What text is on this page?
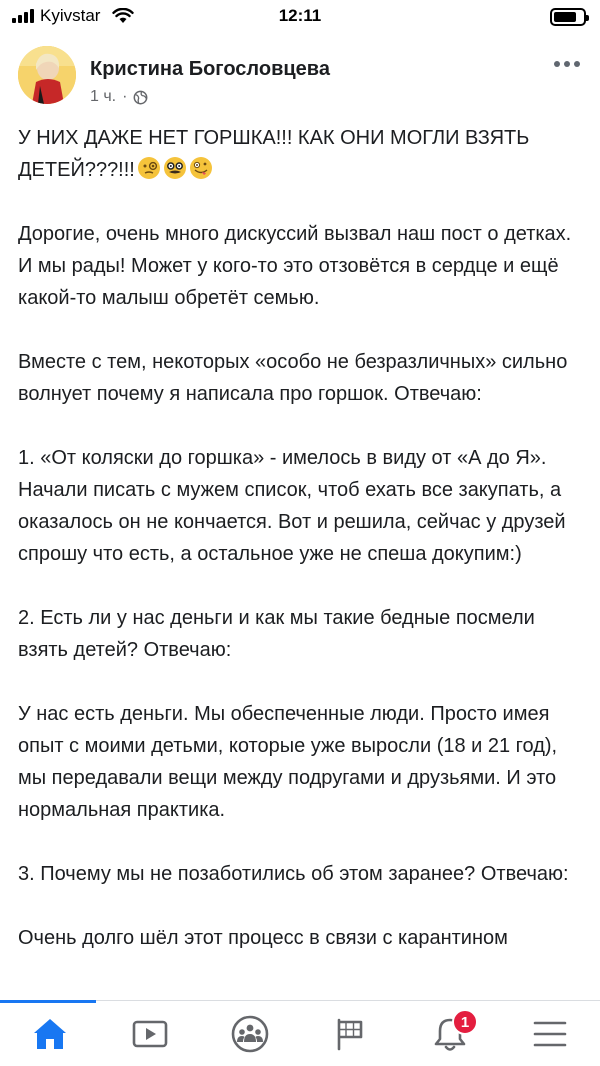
Kyivstar	12:11
Кристина Богословцева
1 ч. ·

У НИХ ДАЖЕ НЕТ ГОРШКА!!! КАК ОНИ МОГЛИ ВЗЯТЬ ДЕТЕЙ???!!!

Дорогие, очень много дискуссий вызвал наш пост о детках. И мы рады! Может у кого-то это отзовётся в сердце и ещё какой-то малыш обретёт семью.

Вместе с тем, некоторых «особо не безразличных» сильно волнует почему я написала про горшок. Отвечаю:

1. «От коляски до горшка» - имелось в виду от «А до Я».

Начали писать с мужем список, чтоб ехать все закупать, а оказалось он не кончается. Вот и решила, сейчас у друзей спрошу что есть, а остальное уже не спеша докупим:)

2. Есть ли у нас деньги и как мы такие бедные посмели взять детей? Отвечаю:

У нас есть деньги. Мы обеспеченные люди. Просто имея опыт с моими детьми, которые уже выросли (18 и 21 год), мы передавали вещи между подругами и друзьями. И это нормальная практика.

3. Почему мы не позаботились об этом заранее? Отвечаю:

Очень долго шёл этот процесс в связи с карантином

1
